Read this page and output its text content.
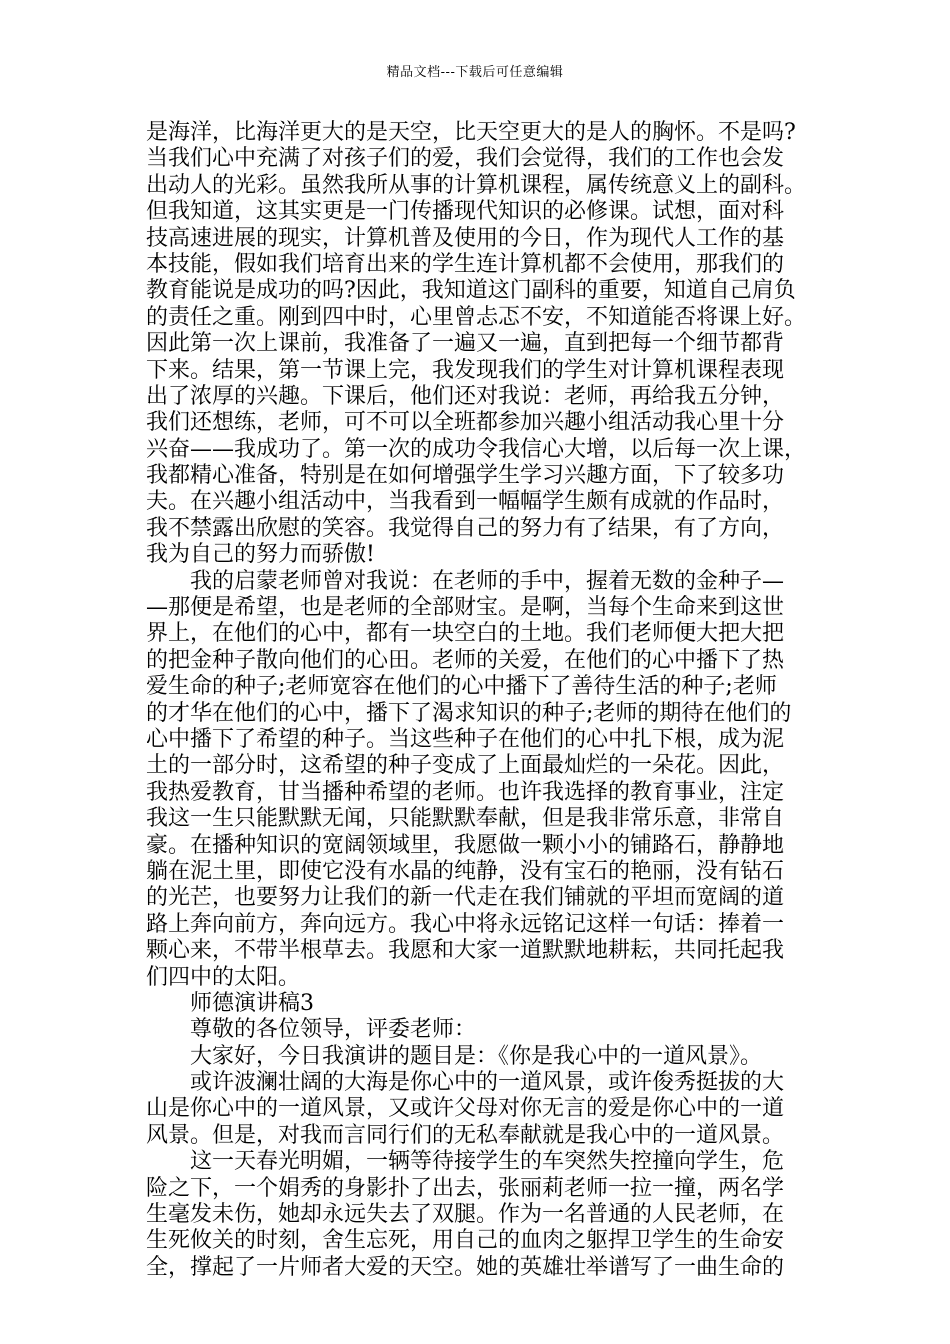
精品文档---下载后可任意编辑
是海洋，比海洋更大的是天空，比天空更大的是人的胸怀。不是吗?
当我们心中充满了对孩子们的爱，我们会觉得，我们的工作也会发
出动人的光彩。虽然我所从事的计算机课程，属传统意义上的副科。
但我知道，这其实更是一门传播现代知识的必修课。试想，面对科
技高速进展的现实，计算机普及使用的今日，作为现代人工作的基
本技能，假如我们培育出来的学生连计算机都不会使用，那我们的
教育能说是成功的吗?因此，我知道这门副科的重要，知道自己肩负
的责任之重。刚到四中时，心里曾忐忑不安，不知道能否将课上好。
因此第一次上课前，我准备了一遍又一遍，直到把每一个细节都背
下来。结果，第一节课上完，我发现我们的学生对计算机课程表现
出了浓厚的兴趣。下课后，他们还对我说：老师，再给我五分钟，
我们还想练，老师，可不可以全班都参加兴趣小组活动我心里十分
兴奋——我成功了。第一次的成功令我信心大增，以后每一次上课，
我都精心准备，特别是在如何增强学生学习兴趣方面，下了较多功
夫。在兴趣小组活动中，当我看到一幅幅学生颇有成就的作品时，
我不禁露出欣慰的笑容。我觉得自己的努力有了结果，有了方向，
我为自己的努力而骄傲!
　　我的启蒙老师曾对我说：在老师的手中，握着无数的金种子—
—那便是希望，也是老师的全部财宝。是啊，当每个生命来到这世
界上，在他们的心中，都有一块空白的土地。我们老师便大把大把
的把金种子散向他们的心田。老师的关爱，在他们的心中播下了热
爱生命的种子;老师宽容在他们的心中播下了善待生活的种子;老师
的才华在他们的心中，播下了渴求知识的种子;老师的期待在他们的
心中播下了希望的种子。当这些种子在他们的心中扎下根，成为泥
土的一部分时，这希望的种子变成了上面最灿烂的一朵花。因此，
我热爱教育，甘当播种希望的老师。也许我选择的教育事业，注定
我这一生只能默默无闻，只能默默奉献，但是我非常乐意，非常自
豪。在播种知识的宽阔领域里，我愿做一颗小小的铺路石，静静地
躺在泥土里，即使它没有水晶的纯静，没有宝石的艳丽，没有钻石
的光芒，也要努力让我们的新一代走在我们铺就的平坦而宽阔的道
路上奔向前方，奔向远方。我心中将永远铭记这样一句话：捧着一
颗心来，不带半根草去。我愿和大家一道默默地耕耘，共同托起我
们四中的太阳。
　　师德演讲稿3
　　尊敬的各位领导，评委老师：
　　大家好，今日我演讲的题目是：《你是我心中的一道风景》。
　　或许波澜壮阔的大海是你心中的一道风景，或许俊秀挺拔的大
山是你心中的一道风景，又或许父母对你无言的爱是你心中的一道
风景。但是，对我而言同行们的无私奉献就是我心中的一道风景。
　　这一天春光明媚，一辆等待接学生的车突然失控撞向学生，危
险之下，一个娟秀的身影扑了出去，张丽莉老师一拉一撞，两名学
生毫发未伤，她却永远失去了双腿。作为一名普通的人民老师，在
生死攸关的时刻，舍生忘死，用自己的血肉之躯捍卫学生的生命安
全，撑起了一片师者大爱的天空。她的英雄壮举谱写了一曲生命的
